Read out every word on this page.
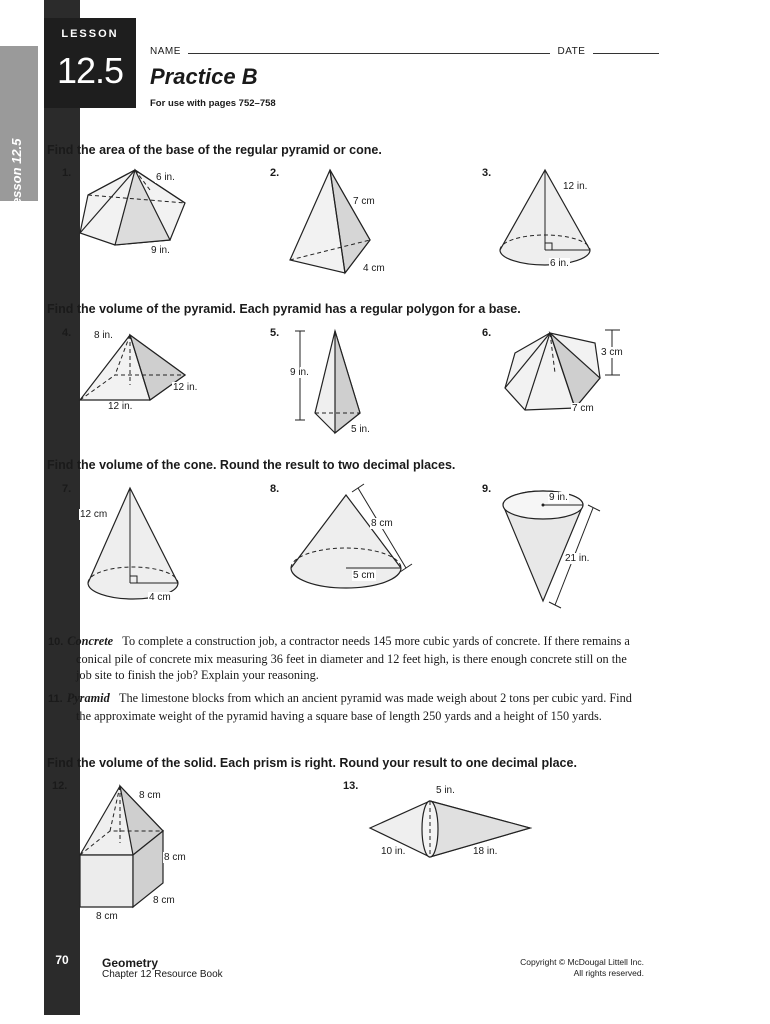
Lesson 12.5
LESSON
12.5	NAME	DATE
Practice B
For use with pages 752–758
Find the area of the base of the regular pyramid or cone.
1.	6 in.
9 in.
2.
7 cm
4 cm
3.
12 in.
6 in.
Find the volume of the pyramid. Each pyramid has a regular polygon for a base.
4. 8 in.
12 in.
12 in.
5.
9 in.
5 in.
6.
3 cm
7 cm
Find the volume of the cone. Round the result to two decimal places.
7.
12 cm
4 cm
8.
8 cm
5 cm
9.
9 in.
21 in.
10. Concrete To complete a construction job, a contractor needs 145 more cubic yards of concrete. If there remains a conical pile of concrete mix measuring 36 feet in diameter and 12 feet high, is there enough concrete still on the job site to finish the job? Explain your reasoning.
11. Pyramid The limestone blocks from which an ancient pyramid was made weigh about 2 tons per cubic yard. Find the approximate weight of the pyramid having a square base of length 250 yards and a height of 150 yards.
Find the volume of the solid. Each prism is right. Round your result to one decimal place.
12.
8 cm
8 cm
8 cm
8 cm
13.	5 in.
10 in.	18 in.
70	Geometry
Chapter 12 Resource Book
Copyright © McDougal Littell Inc.
All rights reserved.
